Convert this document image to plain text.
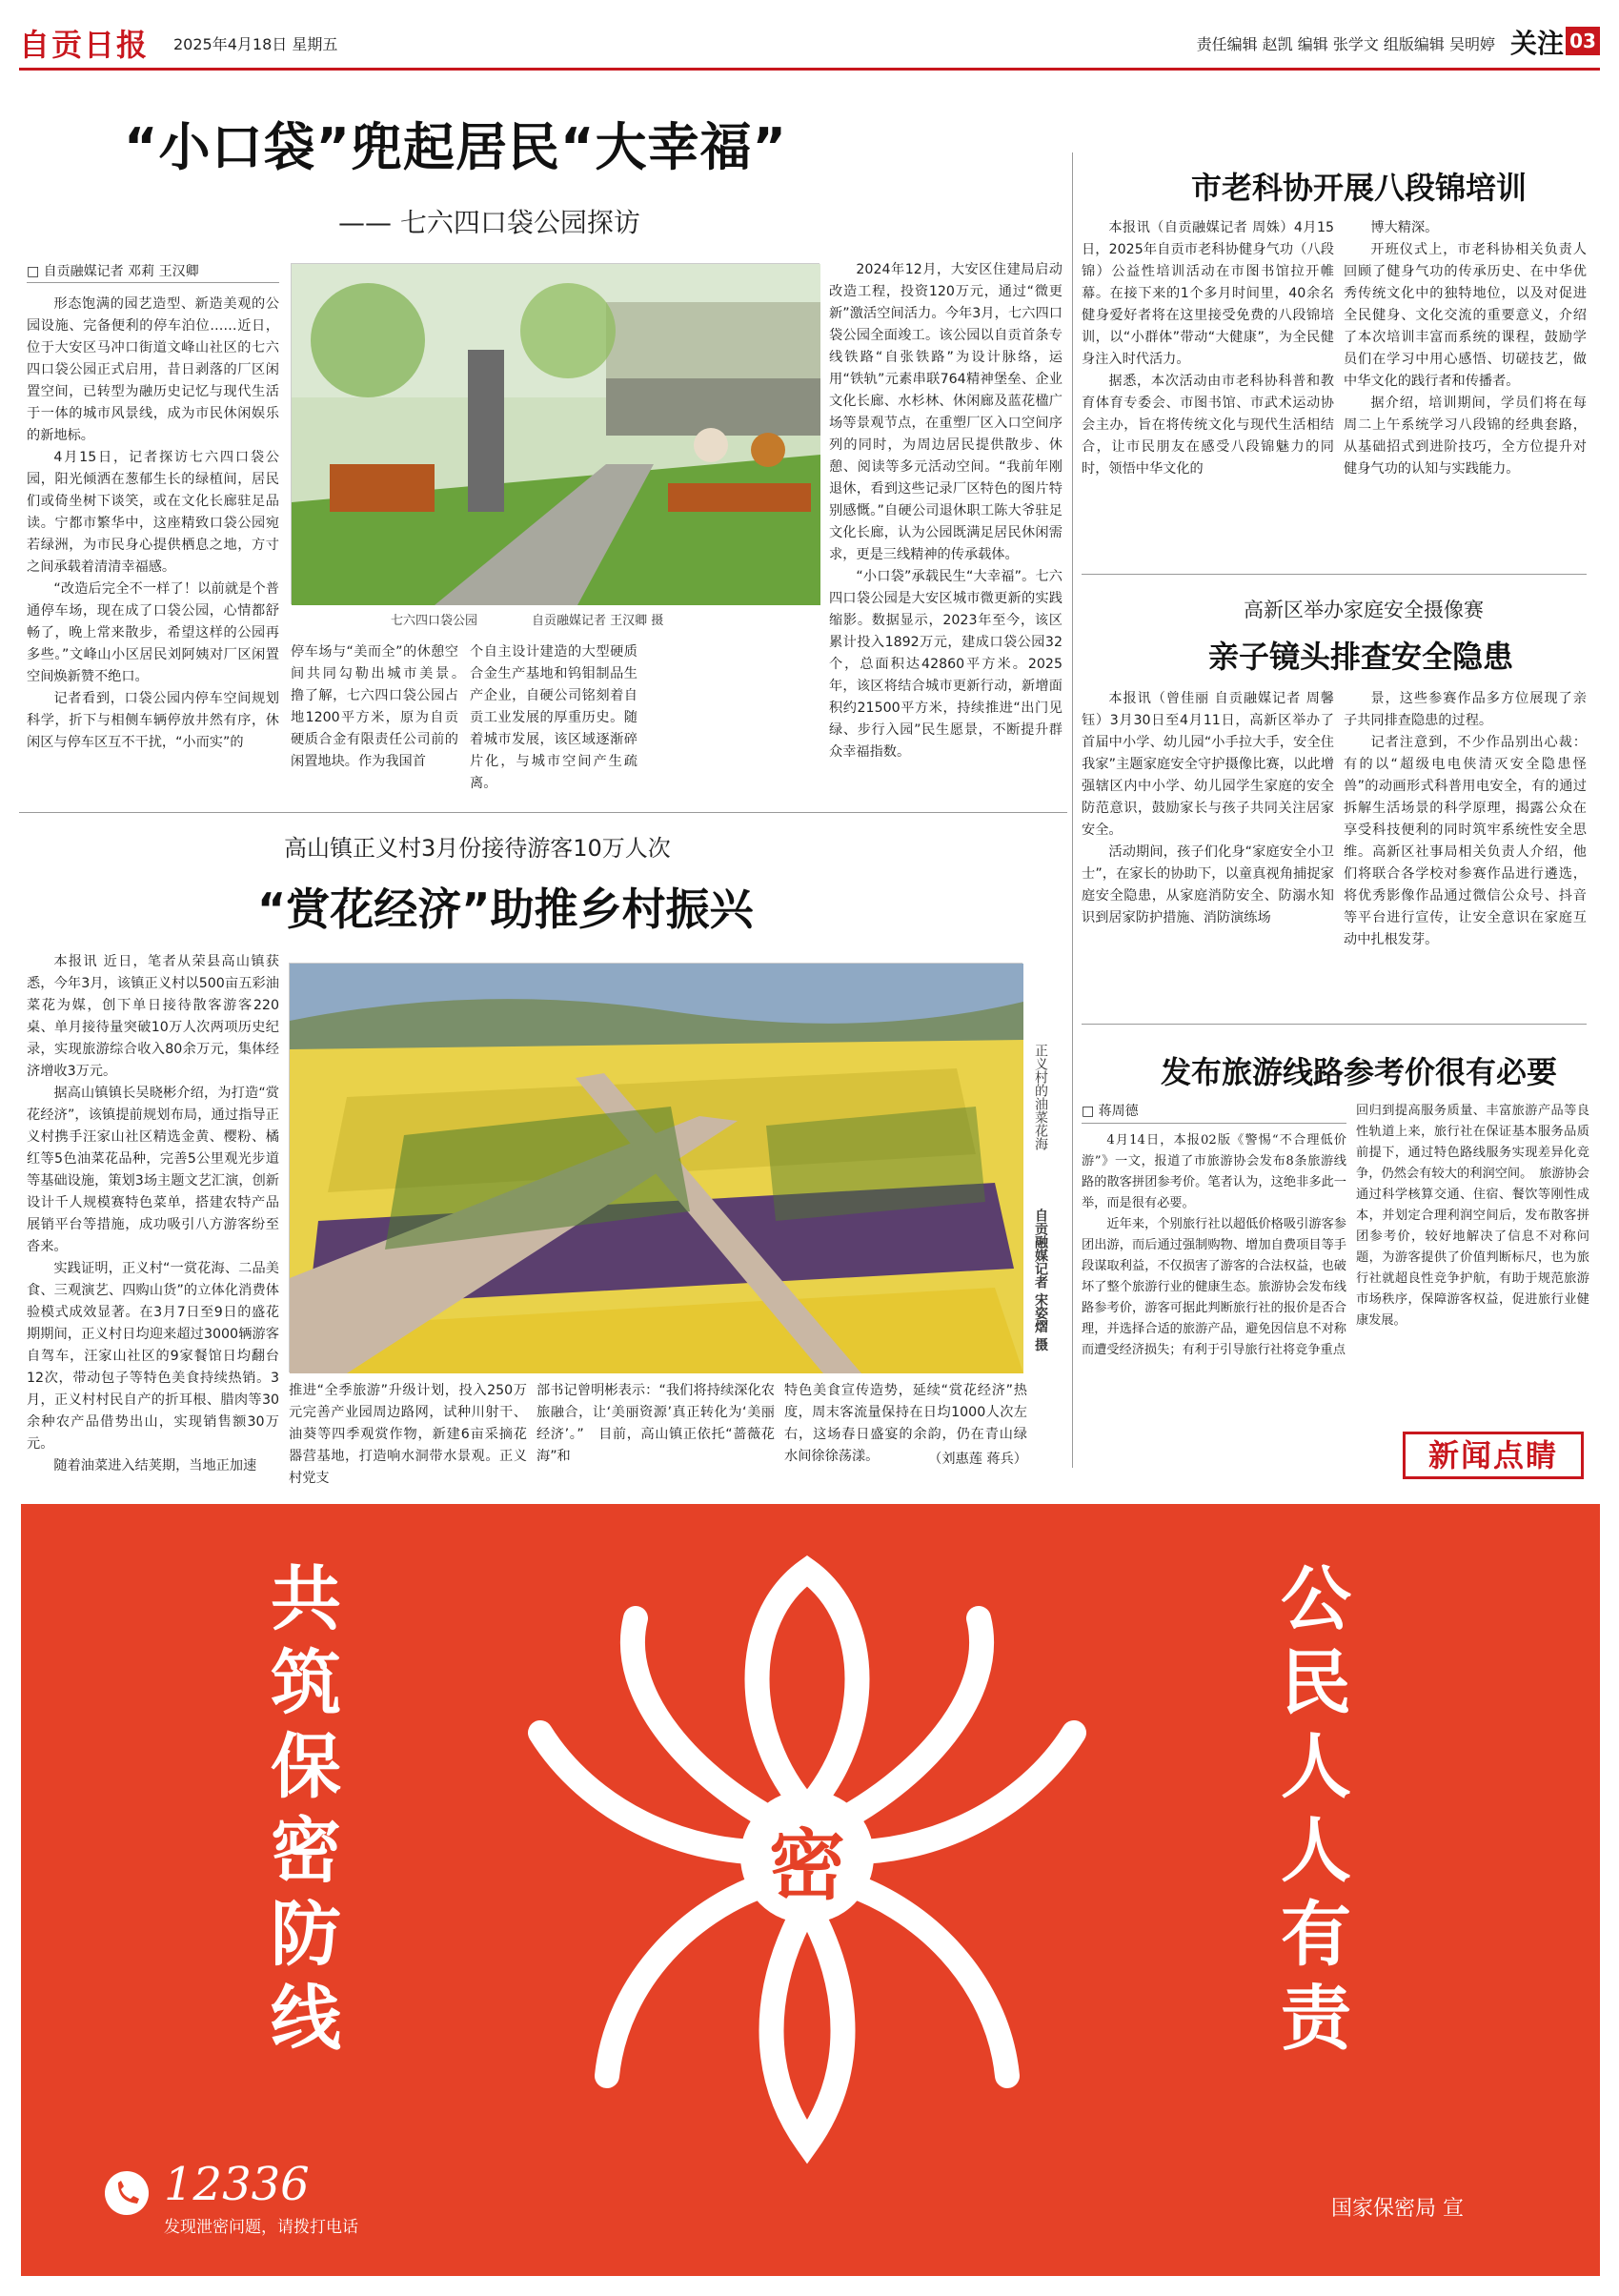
自贡日报 2025年4月18日 星期五	责任编辑 赵凯 编辑 张学文 组版编辑 吴明婷 关注 03
“小口袋”兜起居民“大幸福”
—— 七六四口袋公园探访
□ 自贡融媒记者 邓莉 王汉卿

形态饱满的园艺造型、新造美观的公园设施、完备便利的停车泊位……近日，位于大安区马冲口街道文峰山社区的七六四口袋公园正式启用，昔日剥落的厂区闲置空间，已转型为融历史记忆与现代生活于一体的城市风景线，成为市民休闲娱乐的新地标。

4月15日，记者探访七六四口袋公园，阳光倾洒在葱郁生长的绿植间，居民们或倚坐树下谈笑，或在文化长廊驻足品读。宁都市繁华中，这座精致口袋公园宛若绿洲，为市民身心提供栖息之地，方寸之间承载着清清幸福感。

“改造后完全不一样了！以前就是个普通停车场，现在成了口袋公园，心情都舒畅了，晚上常来散步，希望这样的公园再多些。”文峰山小区居民刘阿姨对厂区闲置空间焕新赞不绝口。

记者看到，口袋公园内停车空间规划科学，折下与相侧车辆停放井然有序，休闲区与停车区互不干扰，“小而实”的

七六四口袋公园	自贡融媒记者 王汉卿 摄
停车场与“美而全”的休憩空间共同勾勒出城市美景。　撸了解，七六四口袋公园占地1200平方米，原为自贡硬质合金有限责任公司前的闲置地块。作为我国首
个自主设计建造的大型硬质合金生产基地和钨钼制品生产企业，自硬公司铭刻着自贡工业发展的厚重历史。随着城市发展，该区域逐渐碎片化，与城市空间产生疏离。

2024年12月，大安区住建局启动改造工程，投资120万元，通过“微更新”激活空间活力。今年3月，七六四口袋公园全面竣工。该公园以自贡首条专线铁路“自张铁路”为设计脉络，运用“铁轨”元素串联764精神堡垒、企业文化长廊、水杉林、休闲廊及蓝花楹广场等景观节点，在重塑厂区入口空间序列的同时，为周边居民提供散步、休憩、阅读等多元活动空间。“我前年刚退休，看到这些记录厂区特色的图片特别感慨。”自硬公司退休职工陈大爷驻足文化长廊，认为公园既满足居民休闲需求，更是三线精神的传承载体。

“小口袋”承载民生“大幸福”。七六四口袋公园是大安区城市微更新的实践缩影。数据显示，2023年至今，该区累计投入1892万元，建成口袋公园32个，总面积达42860平方米。2025年，该区将结合城市更新行动，新增面积约21500平方米，持续推进“出门见绿、步行入园”民生愿景，不断提升群众幸福指数。

市老科协开展八段锦培训

本报讯（自贡融媒记者 周姝）4月15日，2025年自贡市老科协健身气功（八段锦）公益性培训活动在市图书馆拉开帷幕。在接下来的1个多月时间里，40余名健身爱好者将在这里接受免费的八段锦培训，以“小群体”带动“大健康”，为全民健身注入时代活力。

据悉，本次活动由市老科协科普和教育体育专委会、市图书馆、市武术运动协会主办，旨在将传统文化与现代生活相结合，让市民朋友在感受八段锦魅力的同时，领悟中华文化的

博大精深。

开班仪式上，市老科协相关负责人回顾了健身气功的传承历史、在中华优秀传统文化中的独特地位，以及对促进全民健身、文化交流的重要意义，介绍了本次培训丰富而系统的课程，鼓励学员们在学习中用心感悟、切磋技艺，做中华文化的践行者和传播者。

据介绍，培训期间，学员们将在每周二上午系统学习八段锦的经典套路，从基础招式到进阶技巧，全方位提升对健身气功的认知与实践能力。

高新区举办家庭安全摄像赛
亲子镜头排查安全隐患

本报讯（曾佳丽 自贡融媒记者 周馨钰）3月30日至4月11日，高新区举办了首届中小学、幼儿园“小手拉大手，安全住我家”主题家庭安全守护摄像比赛，以此增强辖区内中小学、幼儿园学生家庭的安全防范意识，鼓励家长与孩子共同关注居家安全。

活动期间，孩子们化身“家庭安全小卫士”，在家长的协助下，以童真视角捕捉家庭安全隐患，从家庭消防安全、防溺水知识到居家防护措施、消防演练场

景，这些参赛作品多方位展现了亲子共同排查隐患的过程。

记者注意到，不少作品别出心裁：有的以“超级电电侠清灭安全隐患怪兽”的动画形式科普用电安全，有的通过拆解生活场景的科学原理，揭露公众在享受科技便利的同时筑牢系统性安全思维。高新区社事局相关负责人介绍，他们将联合各学校对参赛作品进行遴选，将优秀影像作品通过微信公众号、抖音等平台进行宣传，让安全意识在家庭互动中扎根发芽。

高山镇正义村3月份接待游客10万人次
“赏花经济”助推乡村振兴

本报讯 近日，笔者从荣县高山镇获悉，今年3月，该镇正义村以500亩五彩油菜花为媒，创下单日接待散客游客220桌、单月接待量突破10万人次两项历史纪录，实现旅游综合收入80余万元，集体经济增收3万元。

据高山镇镇长吴晓彬介绍，为打造“赏花经济”，该镇提前规划布局，通过指导正义村携手汪家山社区精选金黄、樱粉、橘红等5色油菜花品种，完善5公里观光步道等基础设施，策划3场主题文艺汇演，创新设计千人规模赛特色菜单，搭建农特产品展销平台等措施，成功吸引八方游客纷至沓来。

实践证明，正义村“一赏花海、二品美食、三观演艺、四购山货”的立体化消费体验模式成效显著。在3月7日至9日的盛花期期间，正义村日均迎来超过3000辆游客自驾车，汪家山社区的9家餐馆日均翻台12次，带动包子等特色美食持续热销。3月，正义村村民自产的折耳根、腊肉等30余种农产品借势出山，实现销售额30万元。

随着油菜进入结荚期，当地正加速

正义村的油菜花海
自贡融媒记者 宋姿熠 摄
推进“全季旅游”升级计划，投入250万元完善产业园周边路网，试种川射干、油葵等四季观赏作物，新建6亩采摘花器营基地，打造响水洞带水景观。正义村党支
部书记曾明彬表示：“我们将持续深化农旅融合，让‘美丽资源’真正转化为‘美丽经济’。”　目前，高山镇正依托“蔷薇花海”和
特色美食宣传造势，延续“赏花经济”热度，周末客流量保持在日均1000人次左右，这场春日盛宴的余韵，仍在青山绿水间徐徐荡漾。	（刘惠莲 蒋兵）
发布旅游线路参考价很有必要
□ 蒋周德

4月14日，本报02版《警惕“不合理低价游”》一文，报道了市旅游协会发布8条旅游线路的散客拼团参考价。笔者认为，这绝非多此一举，而是很有必要。

近年来，个别旅行社以超低价格吸引游客参团出游，而后通过强制购物、增加自费项目等手段谋取利益，不仅损害了游客的合法权益，也破坏了整个旅游行业的健康生态。旅游协会发布线路参考价，游客可据此判断旅行社的报价是否合理，并选择合适的旅游产品，避免因信息不对称而遭受经济损失；有利于引导旅行社将竞争重点

回归到提高服务质量、丰富旅游产品等良性轨道上来，旅行社在保证基本服务品质前提下，通过特色路线服务实现差异化竞争，仍然会有较大的利润空间。　旅游协会通过科学核算交通、住宿、餐饮等刚性成本，并划定合理利润空间后，发布散客拼团参考价，较好地解决了信息不对称问题，为游客提供了价值判断标尺，也为旅行社就超良性竞争护航，有助于规范旅游市场秩序，保障游客权益，促进旅行业健康发展。
新闻点睛
共筑保密防线	公民人人有责
密
12336
发现泄密问题，请拨打电话
国家保密局 宣
